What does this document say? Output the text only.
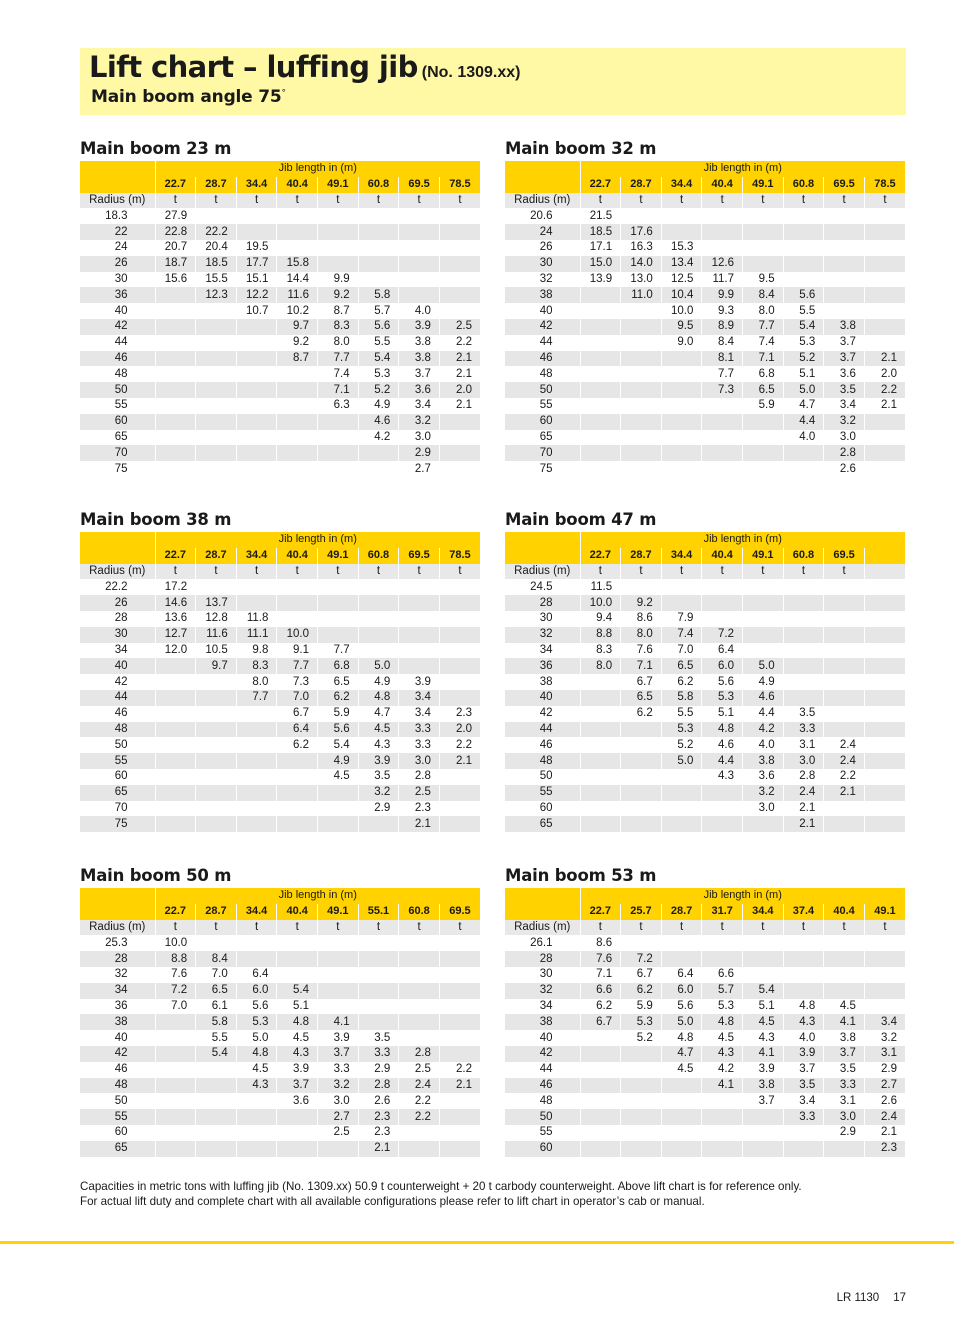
Lift chart – luffing jib (No. 1309.xx)
Main boom angle 75°
Main boom 23 m
	Jib length in (m)							
	22.7	28.7	34.4	40.4	49.1	60.8	69.5	78.5
Radius (m)	t	t	t	t	t	t	t	t
18.3	27.9							
22	22.8	22.2						
24	20.7	20.4	19.5					
26	18.7	18.5	17.7	15.8				
30	15.6	15.5	15.1	14.4	9.9			
36		12.3	12.2	11.6	9.2	5.8		
40			10.7	10.2	8.7	5.7	4.0	
42				9.7	8.3	5.6	3.9	2.5
44				9.2	8.0	5.5	3.8	2.2
46				8.7	7.7	5.4	3.8	2.1
48					7.4	5.3	3.7	2.1
50					7.1	5.2	3.6	2.0
55					6.3	4.9	3.4	2.1
60						4.6	3.2	
65						4.2	3.0	
70							2.9	
75							2.7	
Main boom 32 m
	Jib length in (m)							
	22.7	28.7	34.4	40.4	49.1	60.8	69.5	78.5
Radius (m)	t	t	t	t	t	t	t	t
20.6	21.5							
24	18.5	17.6						
26	17.1	16.3	15.3					
30	15.0	14.0	13.4	12.6				
32	13.9	13.0	12.5	11.7	9.5			
38		11.0	10.4	9.9	8.4	5.6		
40			10.0	9.3	8.0	5.5		
42			9.5	8.9	7.7	5.4	3.8	
44			9.0	8.4	7.4	5.3	3.7	
46				8.1	7.1	5.2	3.7	2.1
48				7.7	6.8	5.1	3.6	2.0
50				7.3	6.5	5.0	3.5	2.2
55					5.9	4.7	3.4	2.1
60						4.4	3.2	
65						4.0	3.0	
70							2.8	
75							2.6	
Main boom 38 m
	Jib length in (m)							
	22.7	28.7	34.4	40.4	49.1	60.8	69.5	78.5
Radius (m)	t	t	t	t	t	t	t	t
22.2	17.2							
26	14.6	13.7						
28	13.6	12.8	11.8					
30	12.7	11.6	11.1	10.0				
34	12.0	10.5	9.8	9.1	7.7			
40		9.7	8.3	7.7	6.8	5.0		
42			8.0	7.3	6.5	4.9	3.9	
44			7.7	7.0	6.2	4.8	3.4	
46				6.7	5.9	4.7	3.4	2.3
48				6.4	5.6	4.5	3.3	2.0
50				6.2	5.4	4.3	3.3	2.2
55					4.9	3.9	3.0	2.1
60					4.5	3.5	2.8	
65						3.2	2.5	
70						2.9	2.3	
75							2.1	
Main boom 47 m
	Jib length in (m)							
	22.7	28.7	34.4	40.4	49.1	60.8	69.5	
Radius (m)	t	t	t	t	t	t	t	
24.5	11.5							
28	10.0	9.2						
30	9.4	8.6	7.9					
32	8.8	8.0	7.4	7.2				
34	8.3	7.6	7.0	6.4				
36	8.0	7.1	6.5	6.0	5.0			
38		6.7	6.2	5.6	4.9			
40		6.5	5.8	5.3	4.6			
42		6.2	5.5	5.1	4.4	3.5		
44			5.3	4.8	4.2	3.3		
46			5.2	4.6	4.0	3.1	2.4	
48			5.0	4.4	3.8	3.0	2.4	
50				4.3	3.6	2.8	2.2	
55					3.2	2.4	2.1	
60					3.0	2.1		
65						2.1		
Main boom 50 m
	Jib length in (m)							
	22.7	28.7	34.4	40.4	49.1	55.1	60.8	69.5
Radius (m)	t	t	t	t	t	t	t	t
25.3	10.0							
28	8.8	8.4						
32	7.6	7.0	6.4					
34	7.2	6.5	6.0	5.4				
36	7.0	6.1	5.6	5.1				
38		5.8	5.3	4.8	4.1			
40		5.5	5.0	4.5	3.9	3.5		
42		5.4	4.8	4.3	3.7	3.3	2.8	
46			4.5	3.9	3.3	2.9	2.5	2.2
48			4.3	3.7	3.2	2.8	2.4	2.1
50				3.6	3.0	2.6	2.2	
55					2.7	2.3	2.2	
60					2.5	2.3		
65						2.1		
Main boom 53 m
	Jib length in (m)							
	22.7	25.7	28.7	31.7	34.4	37.4	40.4	49.1
Radius (m)	t	t	t	t	t	t	t	t
26.1	8.6							
28	7.6	7.2						
30	7.1	6.7	6.4	6.6				
32	6.6	6.2	6.0	5.7	5.4			
34	6.2	5.9	5.6	5.3	5.1	4.8	4.5	
38	6.7	5.3	5.0	4.8	4.5	4.3	4.1	3.4
40		5.2	4.8	4.5	4.3	4.0	3.8	3.2
42			4.7	4.3	4.1	3.9	3.7	3.1
44			4.5	4.2	3.9	3.7	3.5	2.9
46				4.1	3.8	3.5	3.3	2.7
48					3.7	3.4	3.1	2.6
50						3.3	3.0	2.4
55							2.9	2.1
60								2.3

Capacities in metric tons with luffing jib (No. 1309.xx) 50.9 t counterweight + 20 t carbody counterweight. Above lift chart is for reference only.

For actual lift duty and complete chart with all available configurations please refer to lift chart in operator’s cab or manual.

LR 1130 17
